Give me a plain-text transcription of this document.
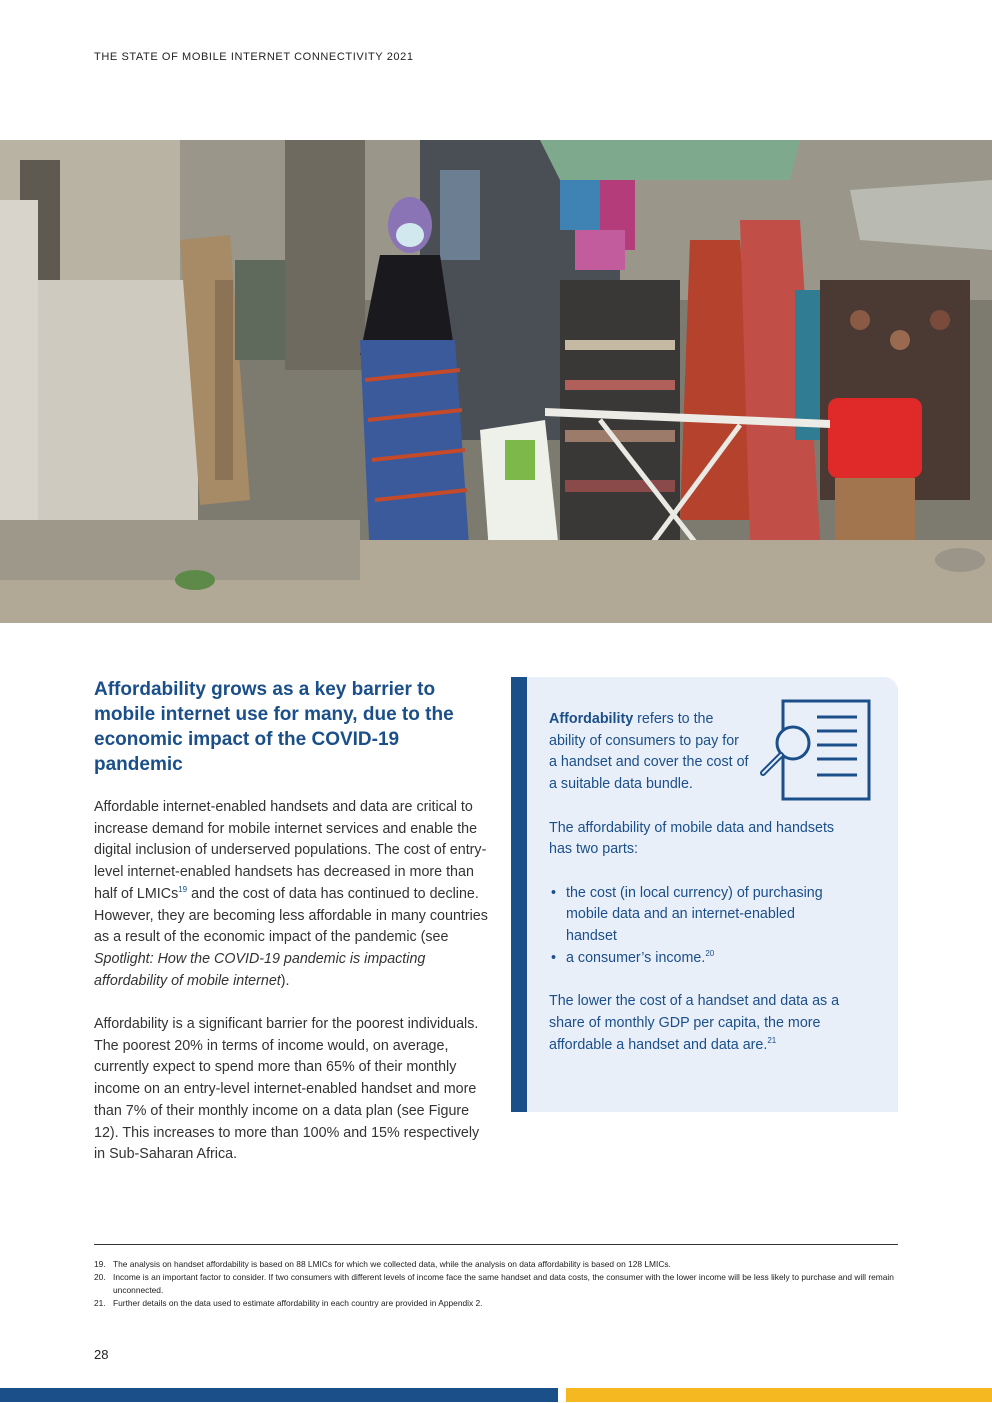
THE STATE OF MOBILE INTERNET CONNECTIVITY 2021
Affordability grows as a key barrier to mobile internet use for many, due to the economic impact of the COVID-19 pandemic

Affordable internet-enabled handsets and data are critical to increase demand for mobile internet services and enable the digital inclusion of underserved populations. The cost of entry-level internet-enabled handsets has decreased in more than half of LMICs$^{19}$ and the cost of data has continued to decline. However, they are becoming less affordable in many countries as a result of the economic impact of the pandemic (see Spotlight: How the COVID-19 pandemic is impacting affordability of mobile internet).

Affordability is a significant barrier for the poorest individuals. The poorest 20% in terms of income would, on average, currently expect to spend more than 65% of their monthly income on an entry-level internet-enabled handset and more than 7% of their monthly income on a data plan (see Figure 12). This increases to more than 100% and 15% respectively in Sub-Saharan Africa.

Affordability refers to the ability of consumers to pay for a handset and cover the cost of a suitable data bundle.

The affordability of mobile data and handsets has two parts:

• the cost (in local currency) of purchasing mobile data and an internet-enabled handset
• a consumer’s income.$^{20}$

The lower the cost of a handset and data as a share of monthly GDP per capita, the more affordable a handset and data are.$^{21}$

19. The analysis on handset affordability is based on 88 LMICs for which we collected data, while the analysis on data affordability is based on 128 LMICs.
20. Income is an important factor to consider. If two consumers with different levels of income face the same handset and data costs, the consumer with the lower income will be less likely to purchase and will remain unconnected.
21. Further details on the data used to estimate affordability in each country are provided in Appendix 2.
28
